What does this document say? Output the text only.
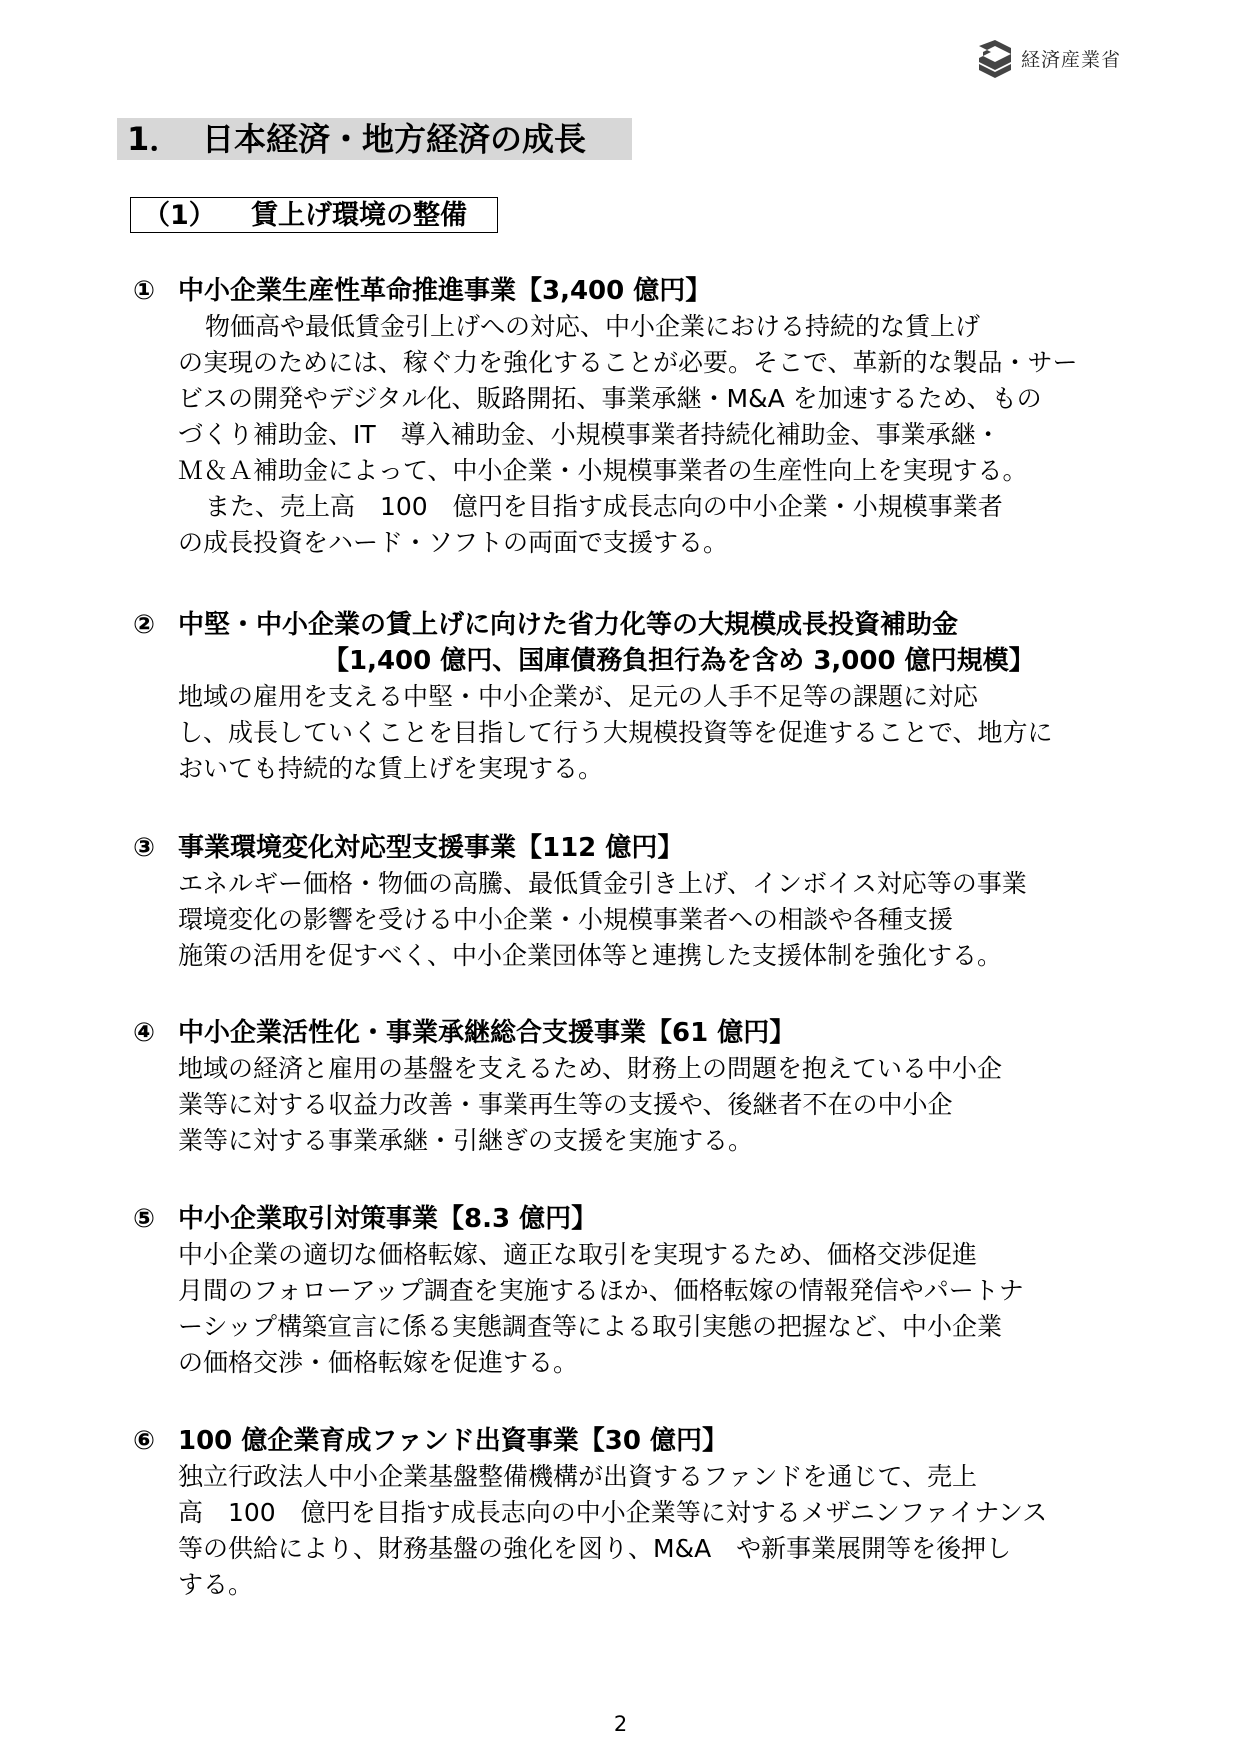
経済産業省
1． 日本経済・地方経済の成長
（1） 賃上げ環境の整備
① 中小企業生産性革命推進事業【3,400 億円】

物価高や最低賃金引上げへの対応、中小企業における持続的な賃上げ

の実現のためには、稼ぐ力を強化することが必要。そこで、革新的な製品・サー

ビスの開発やデジタル化、販路開拓、事業承継・M&A を加速するため、もの

づくり補助金、IT　導入補助金、小規模事業者持続化補助金、事業承継・

Ｍ＆Ａ補助金によって、中小企業・小規模事業者の生産性向上を実現する。

また、売上高　100　億円を目指す成長志向の中小企業・小規模事業者

の成長投資をハード・ソフトの両面で支援する。

② 中堅・中小企業の賃上げに向けた省力化等の大規模成長投資補助金
【1,400 億円、国庫債務負担行為を含め 3,000 億円規模】

地域の雇用を支える中堅・中小企業が、足元の人手不足等の課題に対応

し、成長していくことを目指して行う大規模投資等を促進することで、地方に

おいても持続的な賃上げを実現する。

③ 事業環境変化対応型支援事業【112 億円】

エネルギー価格・物価の高騰、最低賃金引き上げ、インボイス対応等の事業

環境変化の影響を受ける中小企業・小規模事業者への相談や各種支援

施策の活用を促すべく、中小企業団体等と連携した支援体制を強化する。

④ 中小企業活性化・事業承継総合支援事業【61 億円】

地域の経済と雇用の基盤を支えるため、財務上の問題を抱えている中小企

業等に対する収益力改善・事業再生等の支援や、後継者不在の中小企

業等に対する事業承継・引継ぎの支援を実施する。

⑤ 中小企業取引対策事業【8.3 億円】

中小企業の適切な価格転嫁、適正な取引を実現するため、価格交渉促進

月間のフォローアップ調査を実施するほか、価格転嫁の情報発信やパートナ

ーシップ構築宣言に係る実態調査等による取引実態の把握など、中小企業

の価格交渉・価格転嫁を促進する。

⑥ 100 億企業育成ファンド出資事業【30 億円】

独立行政法人中小企業基盤整備機構が出資するファンドを通じて、売上

高　100　億円を目指す成長志向の中小企業等に対するメザニンファイナンス

等の供給により、財務基盤の強化を図り、M&A　や新事業展開等を後押し

する。

2
